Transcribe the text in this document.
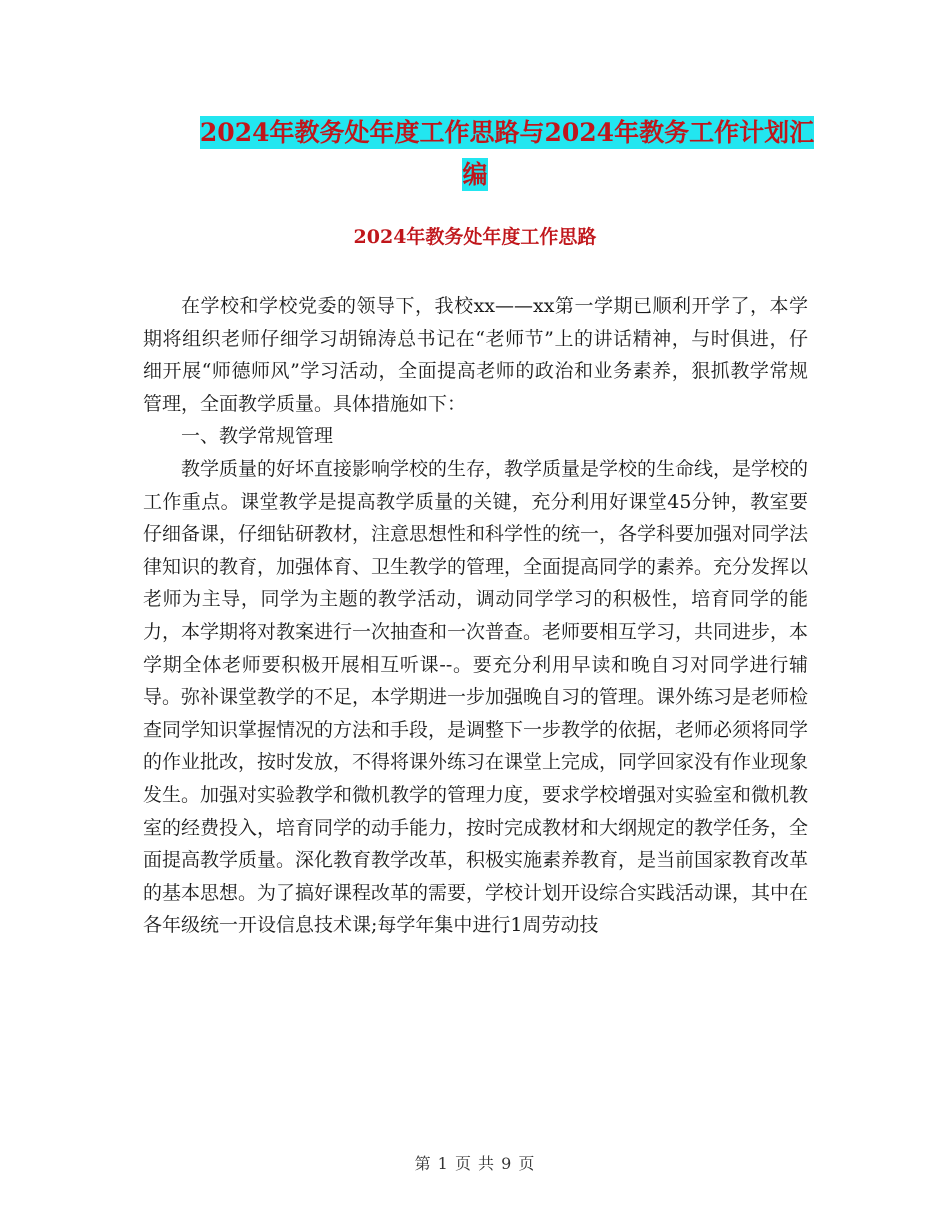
2024年教务处年度工作思路与2024年教务工作计划汇
编
2024年教务处年度工作思路

在学校和学校党委的领导下，我校xx——xx第一学期已顺利开学了，本学期将组织老师仔细学习胡锦涛总书记在“老师节”上的讲话精神，与时俱进，仔细开展“师德师风”学习活动，全面提高老师的政治和业务素养，狠抓教学常规管理，全面教学质量。具体措施如下：

一、教学常规管理

教学质量的好坏直接影响学校的生存，教学质量是学校的生命线，是学校的工作重点。课堂教学是提高教学质量的关键，充分利用好课堂45分钟，教室要仔细备课，仔细钻研教材，注意思想性和科学性的统一，各学科要加强对同学法律知识的教育，加强体育、卫生教学的管理，全面提高同学的素养。充分发挥以老师为主导，同学为主题的教学活动，调动同学学习的积极性，培育同学的能力，本学期将对教案进行一次抽查和一次普查。老师要相互学习，共同进步，本学期全体老师要积极开展相互听课--。要充分利用早读和晚自习对同学进行辅导。弥补课堂教学的不足，本学期进一步加强晚自习的管理。课外练习是老师检查同学知识掌握情况的方法和手段，是调整下一步教学的依据，老师必须将同学的作业批改，按时发放，不得将课外练习在课堂上完成，同学回家没有作业现象发生。加强对实验教学和微机教学的管理力度，要求学校增强对实验室和微机教室的经费投入，培育同学的动手能力，按时完成教材和大纲规定的教学任务，全面提高教学质量。深化教育教学改革，积极实施素养教育，是当前国家教育改革的基本思想。为了搞好课程改革的需要，学校计划开设综合实践活动课，其中在各年级统一开设信息技术课;每学年集中进行1周劳动技

第 1 页 共 9 页
